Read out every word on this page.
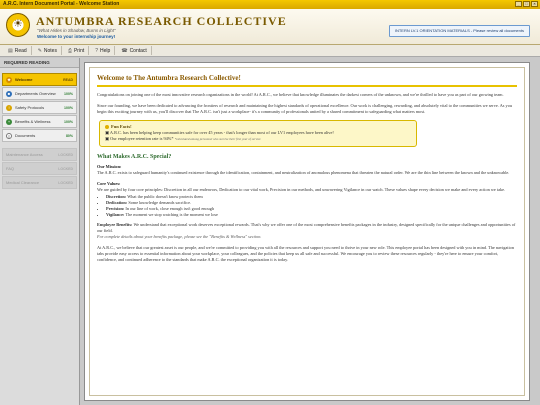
A.R.C. Intern Document Portal - Welcome Station	_	□	×
☀
ANTUMBRA RESEARCH COLLECTIVE
"What Hides in Shadow, Burns in Light"
Welcome to your internship journey!
INTERN LV.1 ORIENTATION MATERIALS - Please review all documents
▤ Read ✎ Notes ⎙ Print ? Help ☎ Contact
REQUIRED READING
★	Welcome	READ
■	Departments Overview 100%
!	Safety Protocols	100%
+	Benefits & Wellness	100%
≡	Documents	80%
Maintenance Access	LOCKED
FAQ	LOCKED
Medical Clearance	LOCKED
Welcome to The Antumbra Research Collective!

Congratulations on joining one of the most innovative research organizations in the world! At A.R.C., we believe that knowledge illuminates the darkest corners of the unknown, and we're thrilled to have you as part of our growing team.

Since our founding, we have been dedicated to advancing the frontiers of research and maintaining the highest standards of operational excellence. Our work is challenging, rewarding, and absolutely vital to the communities we serve. As you begin this exciting journey with us, you'll discover that The A.R.C. isn't just a workplace- it's a community of professionals united by a shared commitment to safeguarding what matters most.

Fun Facts!
▣ A.R.C. has been helping keep communities safe for over 45 years - that's longer than most of our LV1 employees have been alive!
▣ Our employee retention rate is 94%* *calculated among personnel who survive their first year of service
What Makes A.R.C. Special?
Our Mission:

The A.R.C. exists to safeguard humanity's continued existence through the identification, containment, and neutralization of anomalous phenomena that threaten the natural order. We are the thin line between the known and the unknowable.

Core Values:

We are guided by four core principles: Discretion in all our endeavors, Dedication to our vital work, Precision in our methods, and unwavering Vigilance in our watch. These values shape every decision we make and every action we take.

• Discretion: What the public doesn't know protects them
• Dedication: Some knowledge demands sacrifice.
• Precision: In our line of work, close enough isn't good enough
• Vigilance: The moment we stop watching is the moment we lose

Employee Benefits: We understand that exceptional work deserves exceptional rewards. That's why we offer one of the most comprehensive benefits packages in the industry, designed specifically for the unique challenges and opportunities of our field.

For complete details about your benefits package, please see the "Benefits & Wellness" section.

At A.R.C., we believe that our greatest asset is our people, and we're committed to providing you with all the resources and support you need to thrive in your new role. This employee portal has been designed with you in mind. The navigation tabs provide easy access to essential information about your workplace, your colleagues, and the policies that keep us all safe and successful. We encourage you to review these resources regularly - they're here to ensure your comfort, confidence, and continued adherence to the standards that make A.R.C. the exceptional organization it is today.
